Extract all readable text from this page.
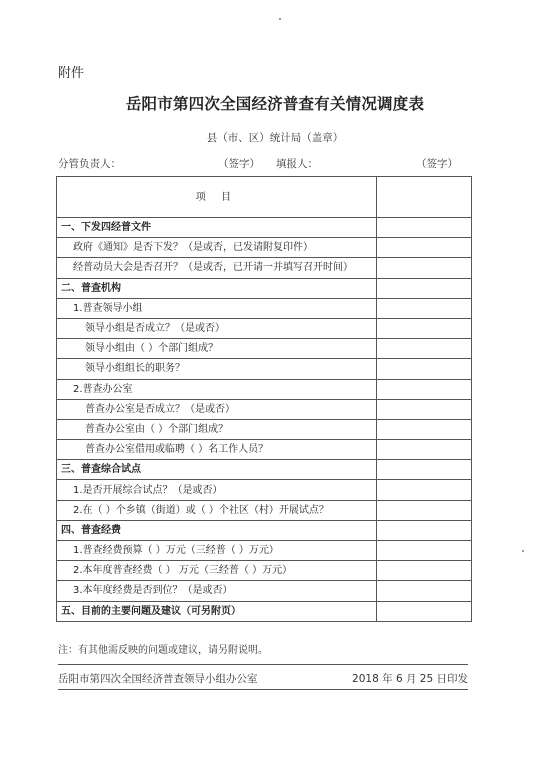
附件
岳阳市第四次全国经济普查有关情况调度表
县（市、区）统计局（盖章）
分管负责人：	（签字） 填报人：	（签字）
项 目	
一、下发四经普文件	
政府《通知》是否下发？（是或否，已发请附复印件）	
经普动员大会是否召开？（是或否，已开请一并填写召开时间）	
二、普查机构	
1.普查领导小组	
领导小组是否成立？（是或否）	
领导小组由（ ）个部门组成？	
领导小组组长的职务？	
2.普查办公室	
普查办公室是否成立？（是或否）	
普查办公室由（ ）个部门组成？	
普查办公室借用或临聘（ ）名工作人员？	
三、普查综合试点	
1.是否开展综合试点？（是或否）	
2.在（ ）个乡镇（街道）或（ ）个社区（村）开展试点？	
四、普查经费	
1.普查经费预算（ ）万元（三经普（ ）万元）	
2.本年度普查经费（ ） 万元（三经普（ ）万元）	
3.本年度经费是否到位？（是或否）	
五、目前的主要问题及建议（可另附页）	
注：有其他需反映的问题或建议，请另附说明。
岳阳市第四次全国经济普查领导小组办公室	2018 年 6 月 25 日印发
